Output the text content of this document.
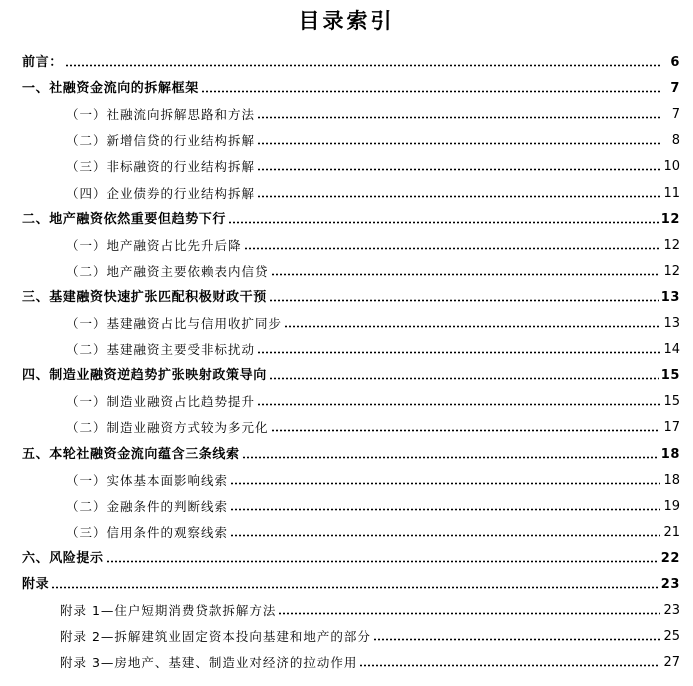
目录索引
前言：	6
一、社融资金流向的拆解框架	7
（一）社融流向拆解思路和方法	7
（二）新增信贷的行业结构拆解	8
（三）非标融资的行业结构拆解	10
（四）企业债券的行业结构拆解	11
二、地产融资依然重要但趋势下行	12
（一）地产融资占比先升后降	12
（二）地产融资主要依赖表内信贷	12
三、基建融资快速扩张匹配积极财政干预	13
（一）基建融资占比与信用收扩同步	13
（二）基建融资主要受非标扰动	14
四、制造业融资逆趋势扩张映射政策导向	15
（一）制造业融资占比趋势提升	15
（二）制造业融资方式较为多元化	17
五、本轮社融资金流向蕴含三条线索	18
（一）实体基本面影响线索	18
（二）金融条件的判断线索	19
（三）信用条件的观察线索	21
六、风险提示	22
附录	23
附录 1—住户短期消费贷款拆解方法	23
附录 2—拆解建筑业固定资本投向基建和地产的部分	25
附录 3—房地产、基建、制造业对经济的拉动作用	27
